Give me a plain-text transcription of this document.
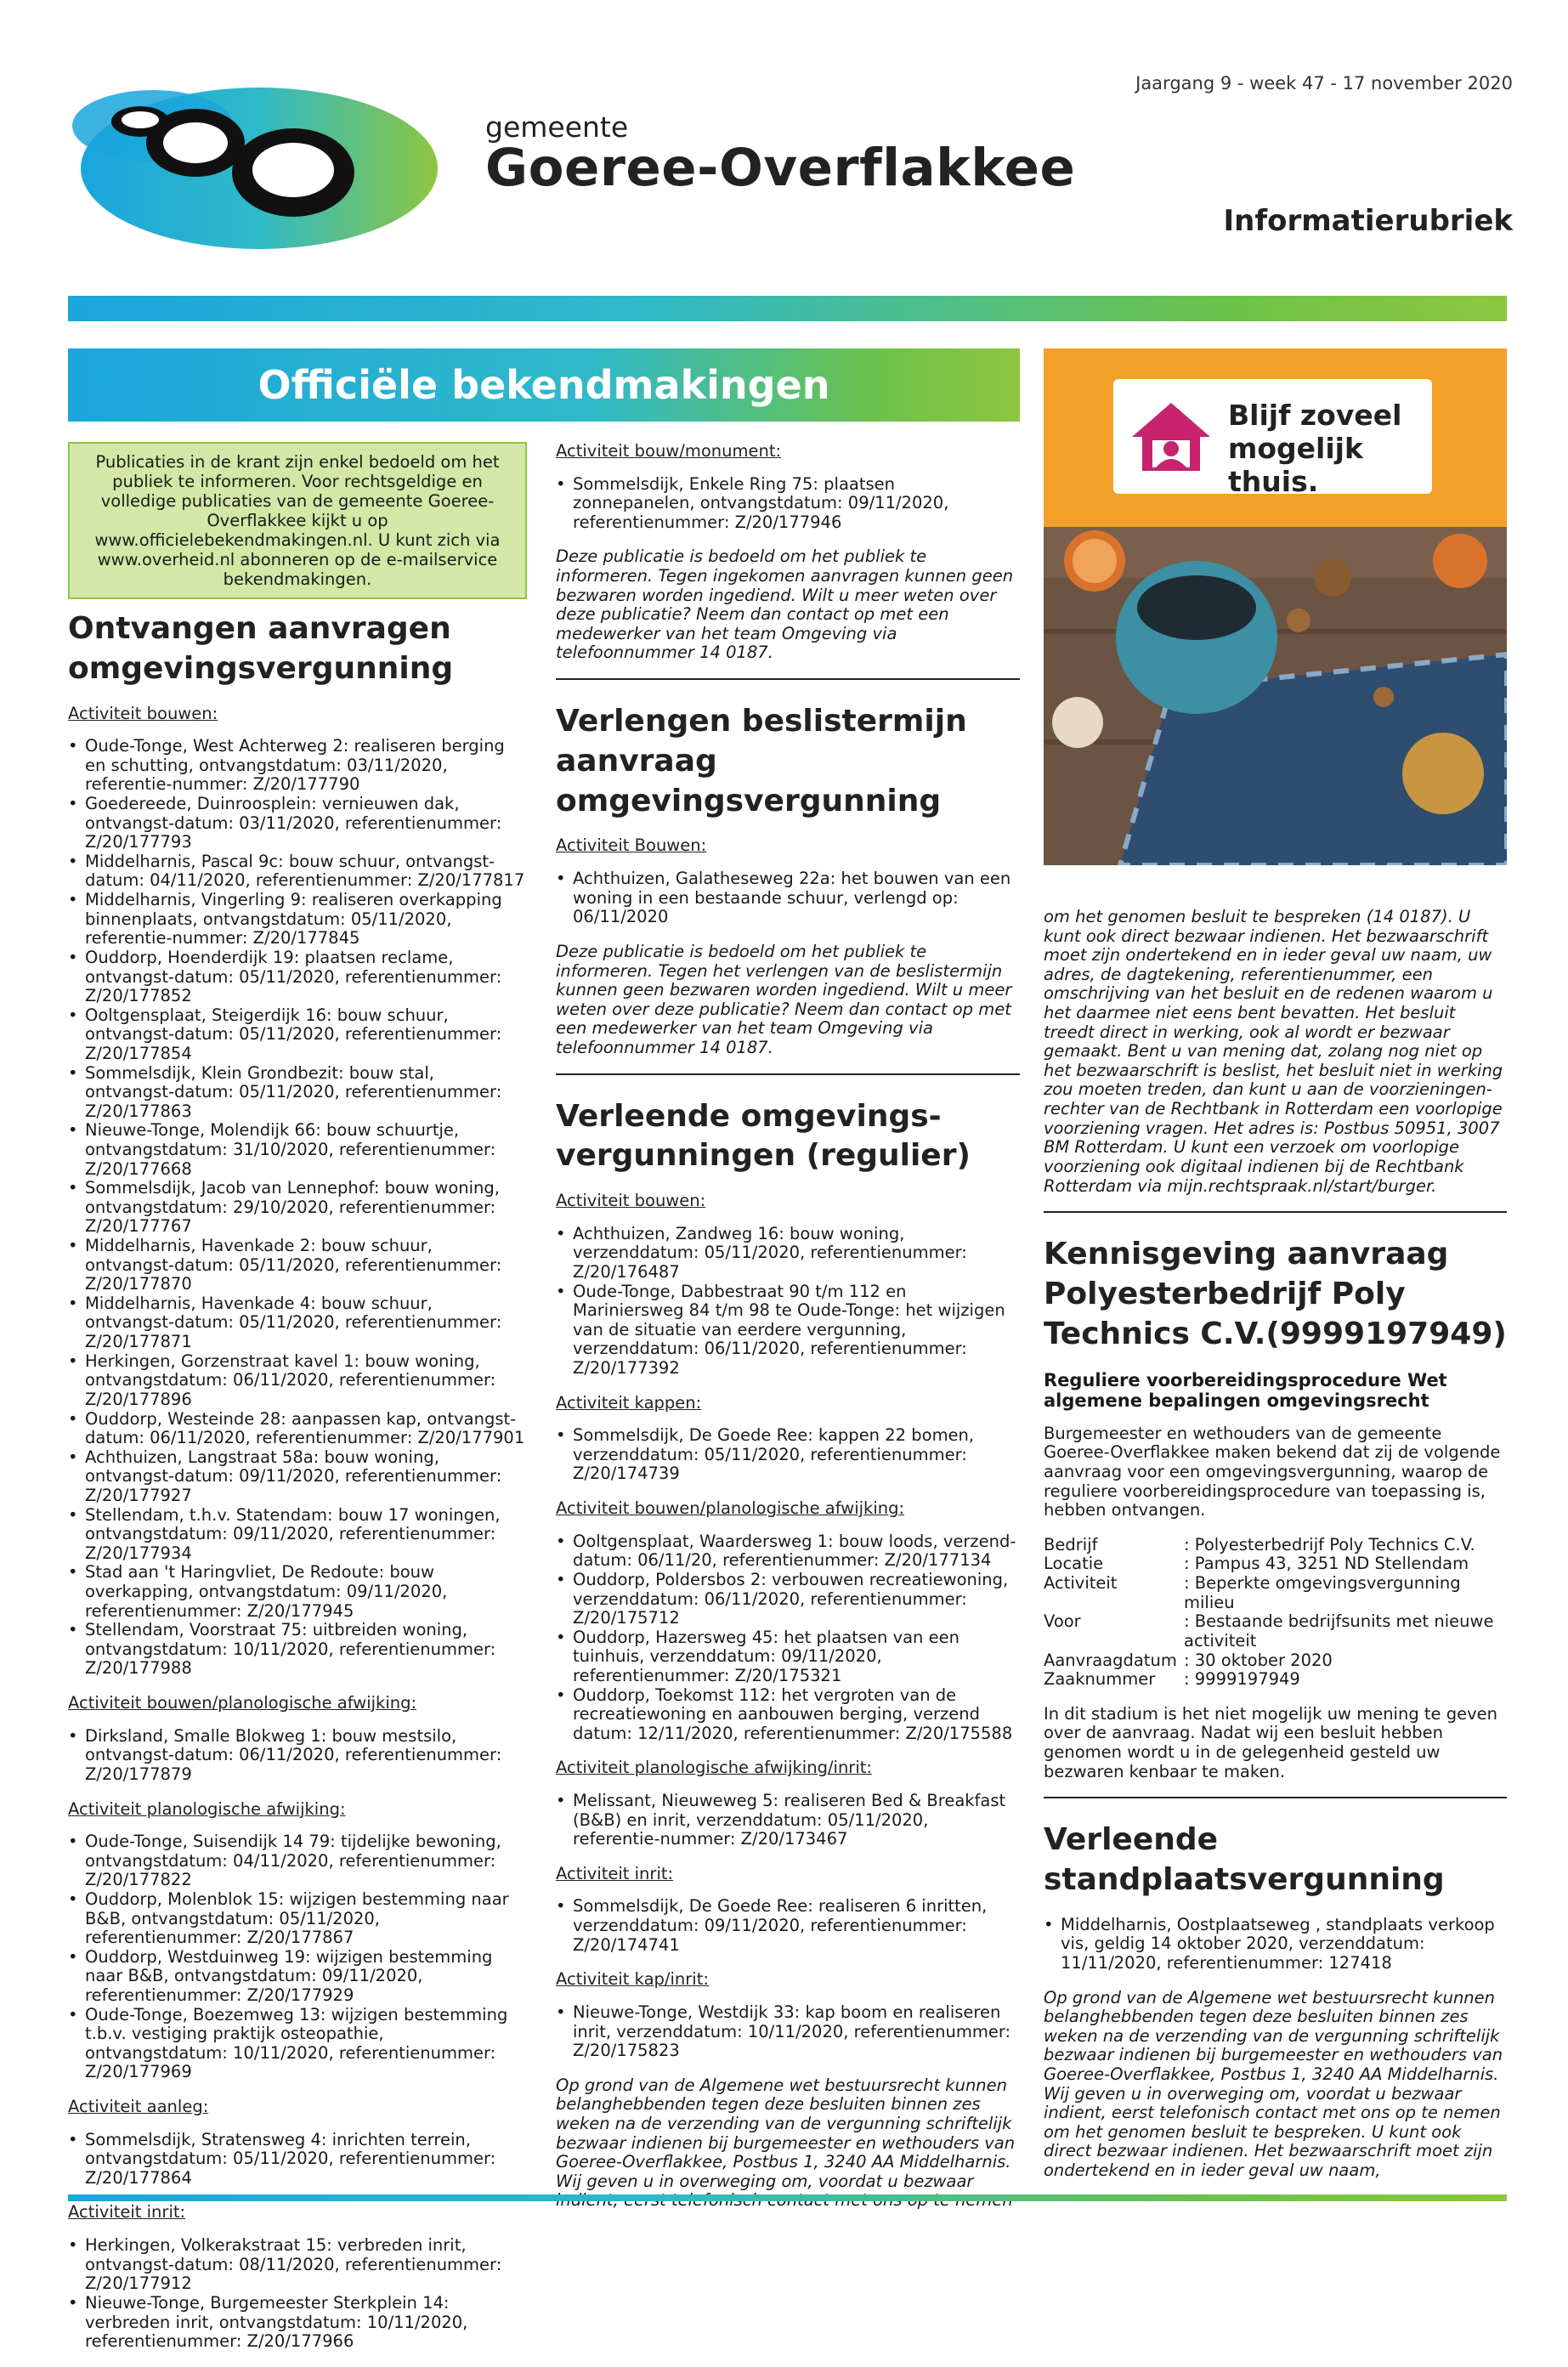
Jaargang 9 - week 47 - 17 november 2020
gemeente
Goeree-Overflakkee
Informatierubriek
Officiële bekendmakingen
Blijf zoveel mogelijk thuis.
Publicaties in de krant zijn enkel bedoeld om het publiek te informeren. Voor rechtsgeldige en volledige publicaties van de gemeente Goeree-Overflakkee kijkt u op www.officielebekendmakingen.nl. U kunt zich via www.overheid.nl abonneren op de e-mailservice bekendmakingen.
Ontvangen aanvragen omgevingsvergunning
Activiteit bouwen:
• Oude-Tonge, West Achterweg 2: realiseren berging en schutting, ontvangstdatum: 03/11/2020, referentie-nummer: Z/20/177790
• Goedereede, Duinroosplein: vernieuwen dak, ontvangst-datum: 03/11/2020, referentienummer: Z/20/177793
• Middelharnis, Pascal 9c: bouw schuur, ontvangst-datum: 04/11/2020, referentienummer: Z/20/177817
• Middelharnis, Vingerling 9: realiseren overkapping binnenplaats, ontvangstdatum: 05/11/2020, referentie-nummer: Z/20/177845
• Ouddorp, Hoenderdijk 19: plaatsen reclame, ontvangst-datum: 05/11/2020, referentienummer: Z/20/177852
• Ooltgensplaat, Steigerdijk 16: bouw schuur, ontvangst-datum: 05/11/2020, referentienummer: Z/20/177854
• Sommelsdijk, Klein Grondbezit: bouw stal, ontvangst-datum: 05/11/2020, referentienummer: Z/20/177863
• Nieuwe-Tonge, Molendijk 66: bouw schuurtje, ontvangstdatum: 31/10/2020, referentienummer: Z/20/177668
• Sommelsdijk, Jacob van Lennephof: bouw woning, ontvangstdatum: 29/10/2020, referentienummer: Z/20/177767
• Middelharnis, Havenkade 2: bouw schuur, ontvangst-datum: 05/11/2020, referentienummer: Z/20/177870
• Middelharnis, Havenkade 4: bouw schuur, ontvangst-datum: 05/11/2020, referentienummer: Z/20/177871
• Herkingen, Gorzenstraat kavel 1: bouw woning, ontvangstdatum: 06/11/2020, referentienummer: Z/20/177896
• Ouddorp, Westeinde 28: aanpassen kap, ontvangst-datum: 06/11/2020, referentienummer: Z/20/177901
• Achthuizen, Langstraat 58a: bouw woning, ontvangst-datum: 09/11/2020, referentienummer: Z/20/177927
• Stellendam, t.h.v. Statendam: bouw 17 woningen, ontvangstdatum: 09/11/2020, referentienummer: Z/20/177934
• Stad aan 't Haringvliet, De Redoute: bouw overkapping, ontvangstdatum: 09/11/2020, referentienummer: Z/20/177945
• Stellendam, Voorstraat 75: uitbreiden woning, ontvangstdatum: 10/11/2020, referentienummer: Z/20/177988
Activiteit bouwen/planologische afwijking:
• Dirksland, Smalle Blokweg 1: bouw mestsilo, ontvangst-datum: 06/11/2020, referentienummer: Z/20/177879
Activiteit planologische afwijking:
• Oude-Tonge, Suisendijk 14 79: tijdelijke bewoning, ontvangstdatum: 04/11/2020, referentienummer: Z/20/177822
• Ouddorp, Molenblok 15: wijzigen bestemming naar B&B, ontvangstdatum: 05/11/2020, referentienummer: Z/20/177867
• Ouddorp, Westduinweg 19: wijzigen bestemming naar B&B, ontvangstdatum: 09/11/2020, referentienummer: Z/20/177929
• Oude-Tonge, Boezemweg 13: wijzigen bestemming t.b.v. vestiging praktijk osteopathie, ontvangstdatum: 10/11/2020, referentienummer: Z/20/177969
Activiteit aanleg:
• Sommelsdijk, Stratensweg 4: inrichten terrein, ontvangstdatum: 05/11/2020, referentienummer: Z/20/177864
Activiteit inrit:
• Herkingen, Volkerakstraat 15: verbreden inrit, ontvangst-datum: 08/11/2020, referentienummer: Z/20/177912
• Nieuwe-Tonge, Burgemeester Sterkplein 14: verbreden inrit, ontvangstdatum: 10/11/2020, referentienummer: Z/20/177966
Activiteit bouw/monument:
• Sommelsdijk, Enkele Ring 75: plaatsen zonnepanelen, ontvangstdatum: 09/11/2020, referentienummer: Z/20/177946
Deze publicatie is bedoeld om het publiek te informeren. Tegen ingekomen aanvragen kunnen geen bezwaren worden ingediend. Wilt u meer weten over deze publicatie? Neem dan contact op met een medewerker van het team Omgeving via telefoonnummer 14 0187.
Verlengen beslistermijn aanvraag omgevingsvergunning
Activiteit Bouwen:
• Achthuizen, Galatheseweg 22a: het bouwen van een woning in een bestaande schuur, verlengd op: 06/11/2020
Deze publicatie is bedoeld om het publiek te informeren. Tegen het verlengen van de beslistermijn kunnen geen bezwaren worden ingediend. Wilt u meer weten over deze publicatie? Neem dan contact op met een medewerker van het team Omgeving via telefoonnummer 14 0187.
Verleende omgevings-vergunningen (regulier)
Activiteit bouwen:
• Achthuizen, Zandweg 16: bouw woning, verzenddatum: 05/11/2020, referentienummer: Z/20/176487
• Oude-Tonge, Dabbestraat 90 t/m 112 en Mariniersweg 84 t/m 98 te Oude-Tonge: het wijzigen van de situatie van eerdere vergunning, verzenddatum: 06/11/2020, referentienummer: Z/20/177392
Activiteit kappen:
• Sommelsdijk, De Goede Ree: kappen 22 bomen, verzenddatum: 05/11/2020, referentienummer: Z/20/174739
Activiteit bouwen/planologische afwijking:
• Ooltgensplaat, Waardersweg 1: bouw loods, verzend-datum: 06/11/20, referentienummer: Z/20/177134
• Ouddorp, Poldersbos 2: verbouwen recreatiewoning, verzenddatum: 06/11/2020, referentienummer: Z/20/175712
• Ouddorp, Hazersweg 45: het plaatsen van een tuinhuis, verzenddatum: 09/11/2020, referentienummer: Z/20/175321
• Ouddorp, Toekomst 112: het vergroten van de recreatiewoning en aanbouwen berging, verzend datum: 12/11/2020, referentienummer: Z/20/175588
Activiteit planologische afwijking/inrit:
• Melissant, Nieuweweg 5: realiseren Bed & Breakfast (B&B) en inrit, verzenddatum: 05/11/2020, referentie-nummer: Z/20/173467
Activiteit inrit:
• Sommelsdijk, De Goede Ree: realiseren 6 inritten, verzenddatum: 09/11/2020, referentienummer: Z/20/174741
Activiteit kap/inrit:
• Nieuwe-Tonge, Westdijk 33: kap boom en realiseren inrit, verzenddatum: 10/11/2020, referentienummer: Z/20/175823
Op grond van de Algemene wet bestuursrecht kunnen belanghebbenden tegen deze besluiten binnen zes weken na de verzending van de vergunning schriftelijk bezwaar indienen bij burgemeester en wethouders van Goeree-Overflakkee, Postbus 1, 3240 AA Middelharnis. Wij geven u in overweging om, voordat u bezwaar
om het genomen besluit te bespreken (14 0187). U kunt ook direct bezwaar indienen. Het bezwaarschrift moet zijn ondertekend en in ieder geval uw naam, uw adres, de dagtekening, referentienummer, een omschrijving van het besluit en de redenen waarom u het daarmee niet eens bent bevatten. Het besluit treedt direct in werking, ook al wordt er bezwaar gemaakt. Bent u van mening dat, zolang nog niet op het bezwaarschrift is beslist, het besluit niet in werking zou moeten treden, dan kunt u aan de voorzieningen-rechter van de Rechtbank in Rotterdam een voorlopige voorziening vragen. Het adres is: Postbus 50951, 3007 BM Rotterdam. U kunt een verzoek om voorlopige voorziening ook digitaal indienen bij de Rechtbank Rotterdam via mijn.rechtspraak.nl/start/burger.
Kennisgeving aanvraag Polyesterbedrijf Poly Technics C.V.(9999197949)
Reguliere voorbereidingsprocedure Wet algemene bepalingen omgevingsrecht

Burgemeester en wethouders van de gemeente Goeree-Overflakkee maken bekend dat zij de volgende aanvraag voor een omgevingsvergunning, waarop de reguliere voorbereidingsprocedure van toepassing is, hebben ontvangen.

Bedrijf	: Polyesterbedrijf Poly Technics C.V.
Locatie	: Pampus 43, 3251 ND Stellendam
Activiteit	: Beperkte omgevingsvergunning milieu
Voor	: Bestaande bedrijfsunits met nieuwe activiteit
Aanvraagdatum : 30 oktober 2020
Zaaknummer	: 9999197949

In dit stadium is het niet mogelijk uw mening te geven over de aanvraag. Nadat wij een besluit hebben genomen wordt u in de gelegenheid gesteld uw bezwaren kenbaar te maken.

Verleende standplaatsvergunning
• Middelharnis, Oostplaatseweg , standplaats verkoop vis, geldig 14 oktober 2020, verzenddatum: 11/11/2020, referentienummer: 127418
Op grond van de Algemene wet bestuursrecht kunnen belanghebbenden tegen deze besluiten binnen zes weken na de verzending van de vergunning schriftelijk bezwaar indienen bij burgemeester en wethouders van Goeree-Overflakkee, Postbus 1, 3240 AA Middelharnis. Wij geven u in overweging om, voordat u bezwaar indient, eerst telefonisch contact met ons op te nemen om het genomen besluit te bespreken. U kunt ook direct bezwaar indienen. Het bezwaarschrift moet zijn ondertekend en in ieder geval uw naam,
